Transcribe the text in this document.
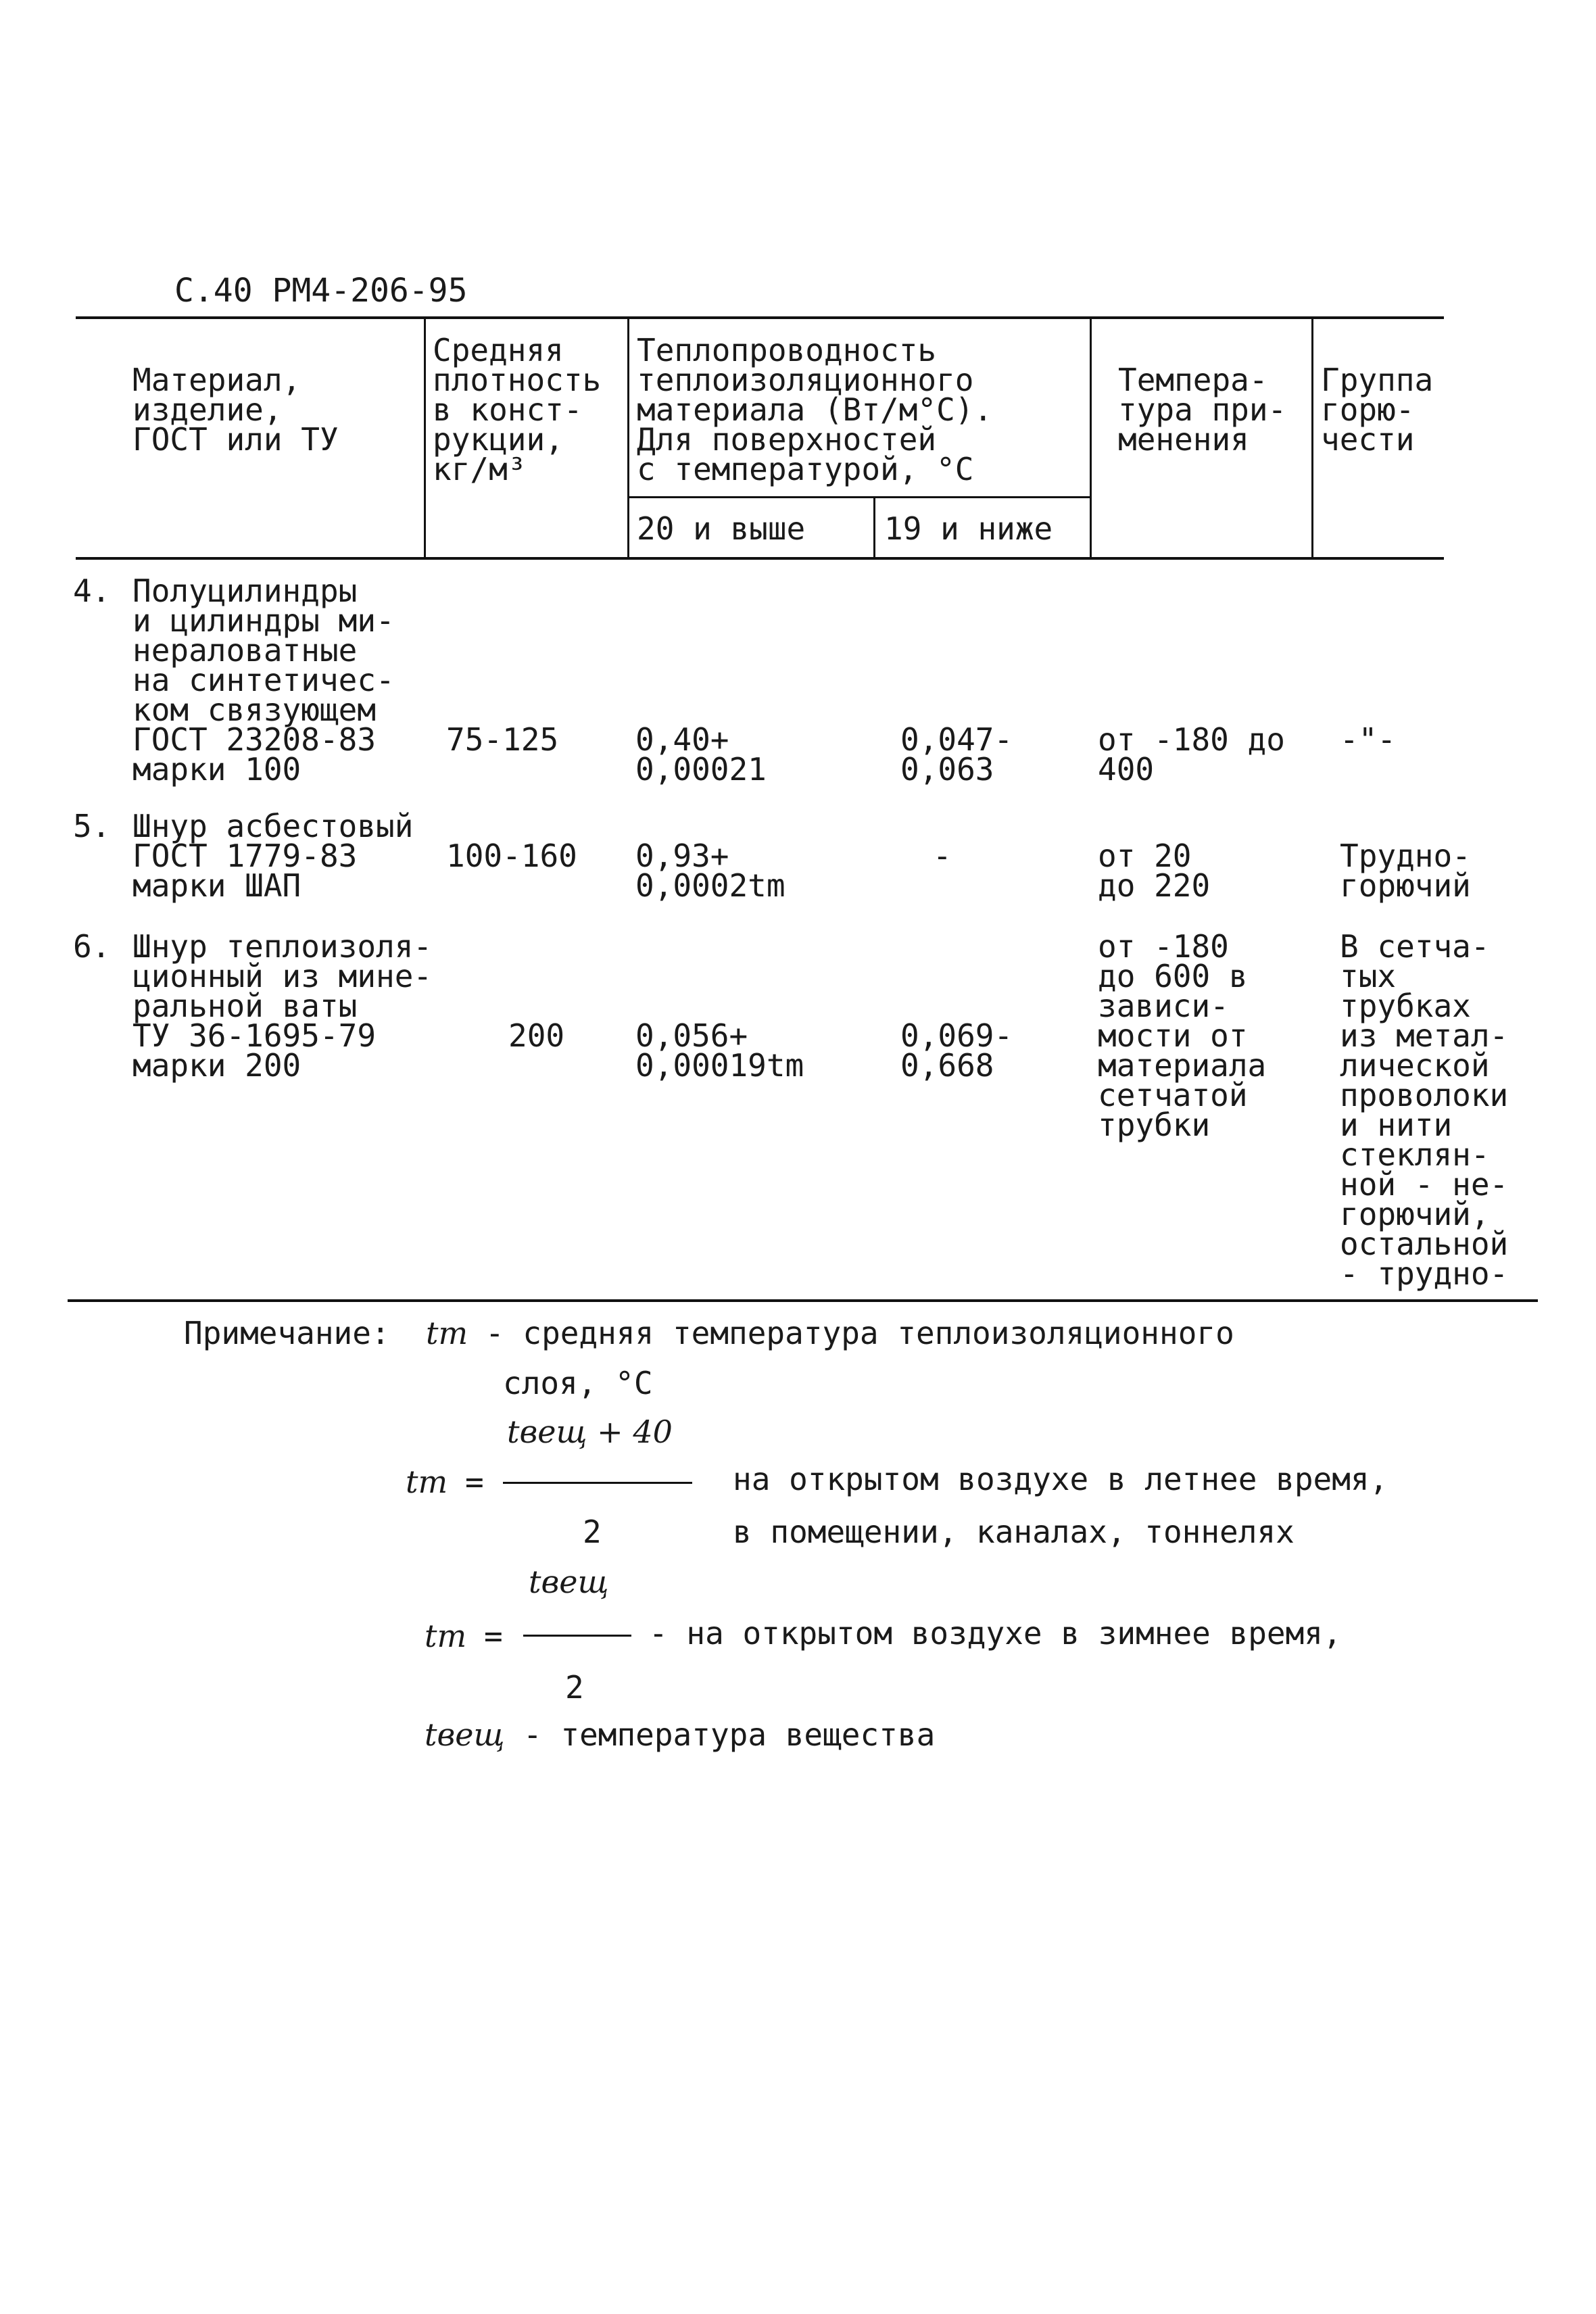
С.40 РМ4-206-95
Материал,
изделие,
ГОСТ или ТУ
Средняя
плотность
в конст-
рукции,
кг/м³
Теплопроводность
теплоизоляционного
материала (Вт/м°С).
Для поверхностей
с температурой, °С
20 и выше	19 и ниже
Темпера-
тура при-
менения
Группа
горю-
чести
4. Полуцилиндры
и цилиндры ми-
нераловатные
на синтетичес-
ком связующем
ГОСТ 23208-83
марки 100
75-125 0,40+
0,00021
0,047-
0,063
от -180 до
400
-"-
5. Шнур асбестовый
ГОСТ 1779-83
марки ШАП
100-160 0,93+
0,0002tm
-	от 20
до 220
Трудно-
горючий
6. Шнур теплоизоля-
ционный из мине-
ральной ваты
ТУ 36-1695-79
марки 200
200 0,056+
0,00019tm
0,069-
0,668
от -180
до 600 в
зависи-
мости от
материала
сетчатой
трубки
В сетча-
тых
трубках
из метал-
лической
проволоки
и нити
стеклян-
ной - не-
горючий,
остальной
- трудно-
Примечание: tm - средняя температура теплоизоляционного
слоя, °С
tm =
tвещ + 40
2
на открытом воздухе в летнее время,
в помещении, каналах, тоннелях
tm =
tвещ
2
- на открытом воздухе в зимнее время,
tвещ - температура вещества
